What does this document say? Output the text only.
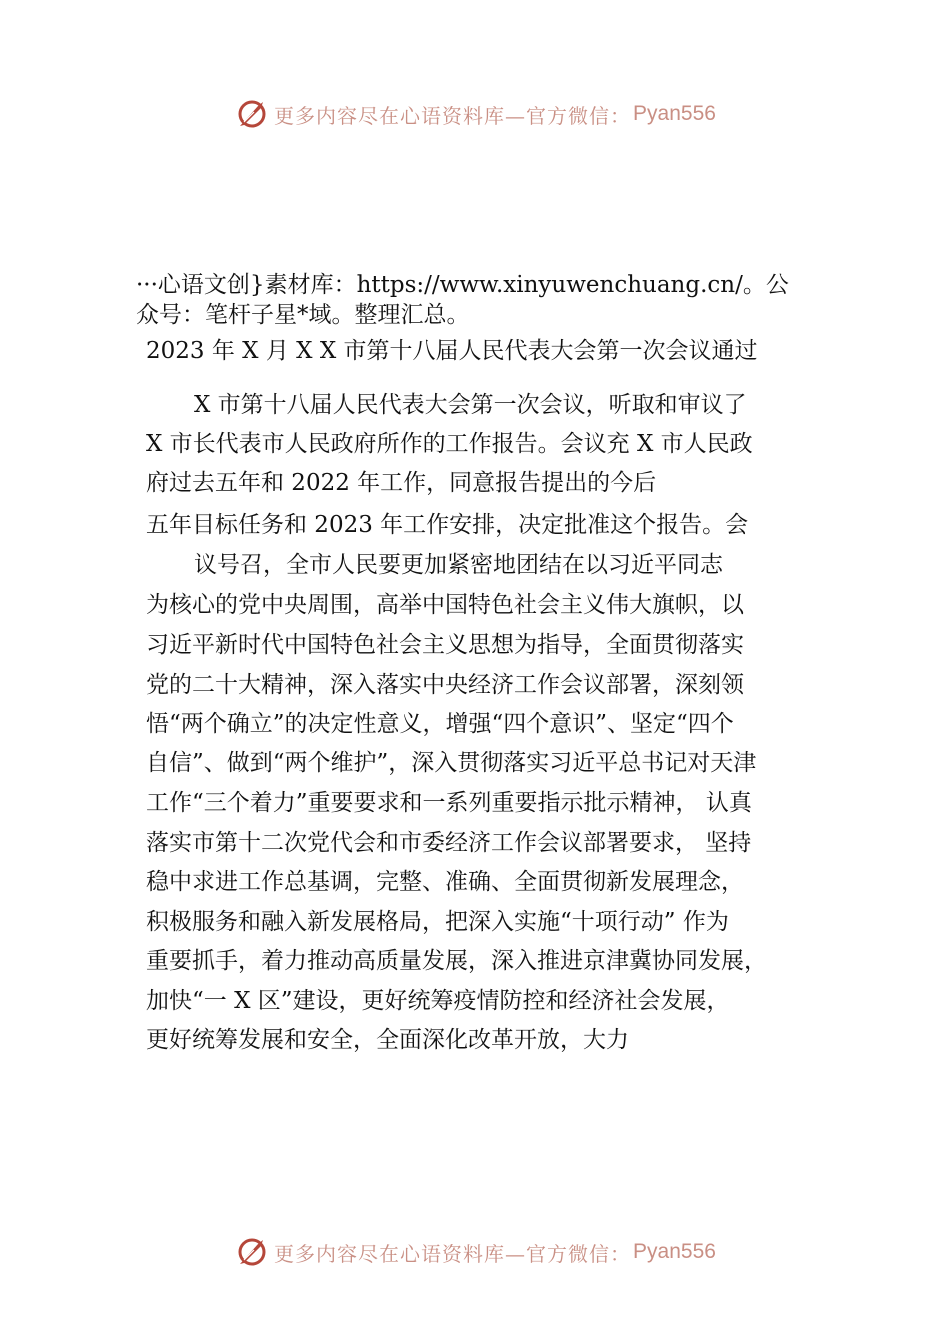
更多内容尽在心语资料库—官方微信： Pyan556
···心语文创}素材库：https://www.xinyuwenchuang.cn/。公
众号：笔杆子星*域。整理汇总。
2023 年 X 月 X X 市第十八届人民代表大会第一次会议通过
X 市第十八届人民代表大会第一次会议，听取和审议了
X 市长代表市人民政府所作的工作报告。会议充 X 市人民政
府过去五年和 2022 年工作，同意报告提出的今后
五年目标任务和 2023 年工作安排，决定批准这个报告。会
议号召，全市人民要更加紧密地团结在以习近平同志
为核心的党中央周围，高举中国特色社会主义伟大旗帜，以
习近平新时代中国特色社会主义思想为指导，全面贯彻落实
党的二十大精神，深入落实中央经济工作会议部署，深刻领
悟“两个确立”的决定性意义，增强“四个意识”、坚定“四个
自信”、做到“两个维护”，深入贯彻落实习近平总书记对天津
工作“三个着力”重要要求和一系列重要指示批示精神， 认真
落实市第十二次党代会和市委经济工作会议部署要求， 坚持
稳中求进工作总基调，完整、准确、全面贯彻新发展理念，
积极服务和融入新发展格局，把深入实施“十项行动” 作为
重要抓手，着力推动高质量发展，深入推进京津冀协同发展，
加快“一 X 区”建设，更好统筹疫情防控和经济社会发展，
更好统筹发展和安全，全面深化改革开放，大力
更多内容尽在心语资料库—官方微信： Pyan556
